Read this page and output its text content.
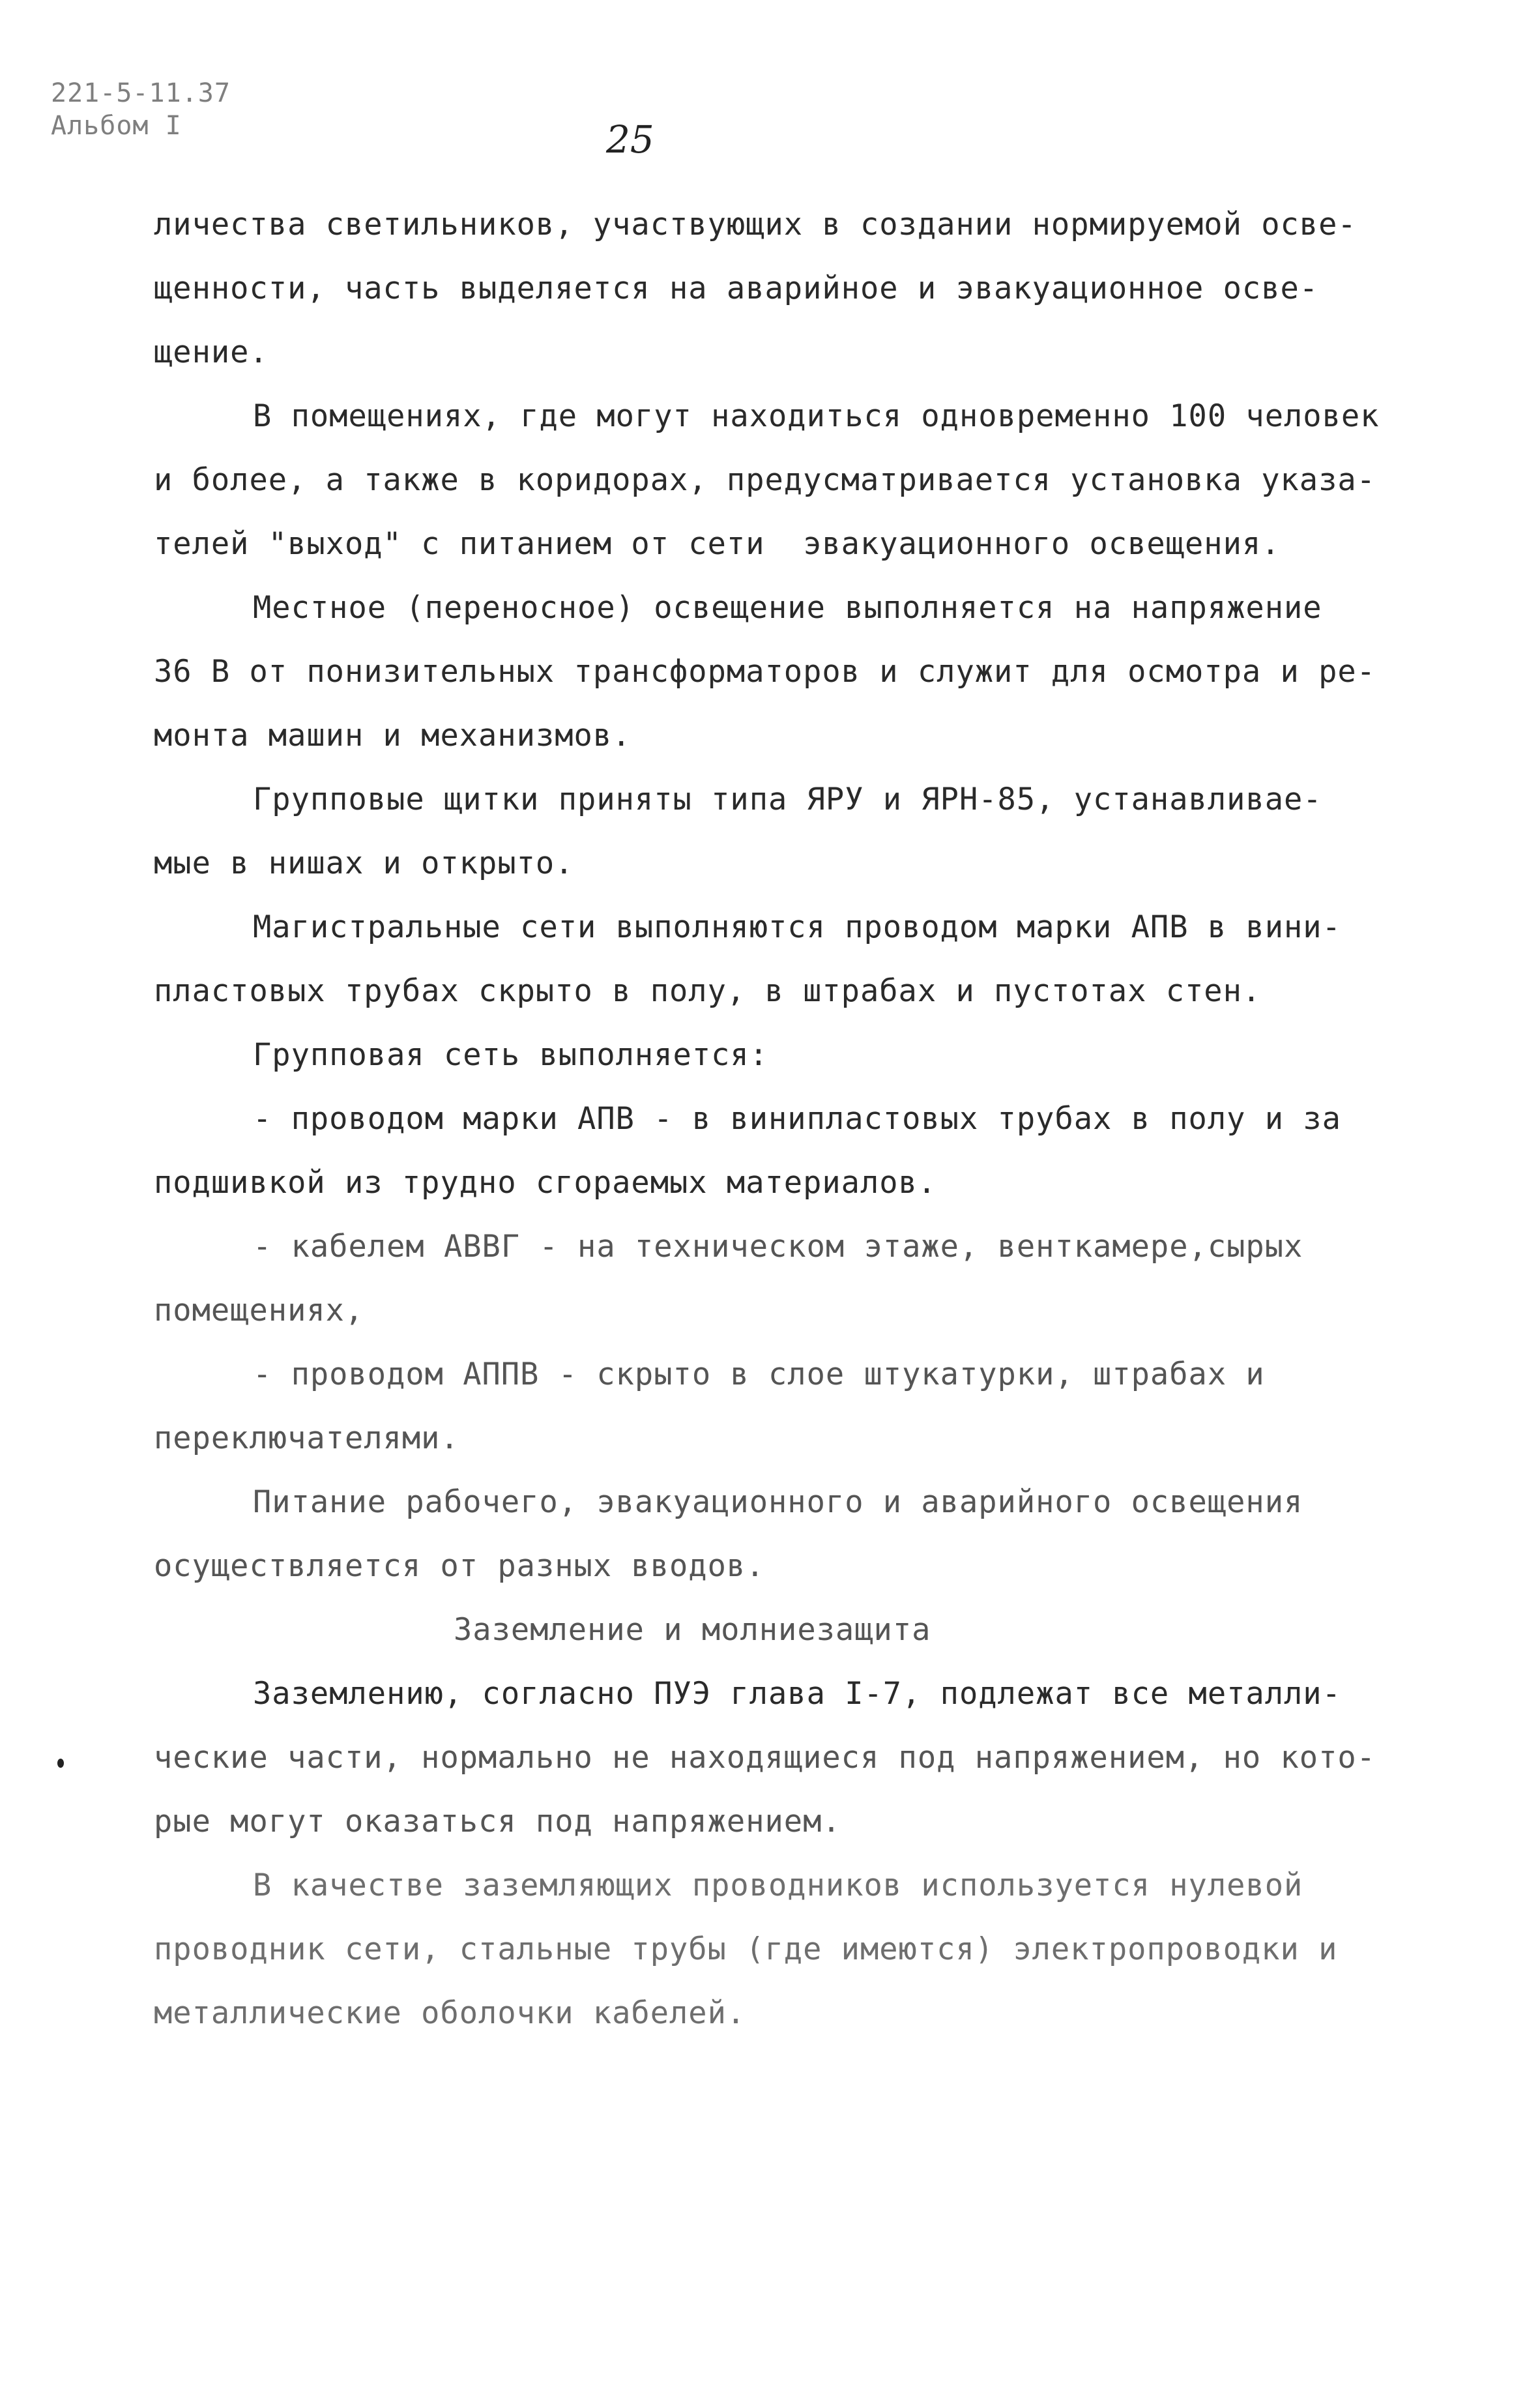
221-5-11.37
Альбом I	25
личества светильников, участвующих в создании нормируемой осве-
щенности, часть выделяется на аварийное и эвакуационное осве-
щение.
В помещениях, где могут находиться одновременно 100 человек
и более, а также в коридорах, предусматривается установка указа-
телей "выход" с питанием от сети  эвакуационного освещения.
Местное (переносное) освещение выполняется на напряжение
36 В от понизительных трансформаторов и служит для осмотра и ре-
монта машин и механизмов.
Групповые щитки приняты типа ЯРУ и ЯРН-85, устанавливае-
мые в нишах и открыто.
Магистральные сети выполняются проводом марки АПВ в вини-
пластовых трубах скрыто в полу, в штрабах и пустотах стен.
Групповая сеть выполняется:
- проводом марки АПВ - в винипластовых трубах в полу и за
подшивкой из трудно сгораемых материалов.
- кабелем АВВГ - на техническом этаже, венткамере,сырых
помещениях,
- проводом АППВ - скрыто в слое штукатурки, штрабах и
переключателями.
Питание рабочего, эвакуационного и аварийного освещения
осуществляется от разных вводов.
Заземление и молниезащита
Заземлению, согласно ПУЭ глава I-7, подлежат все металли-
ческие части, нормально не находящиеся под напряжением, но кото-
рые могут оказаться под напряжением.
В качестве заземляющих проводников используется нулевой
проводник сети, стальные трубы (где имеются) электропроводки и
металлические оболочки кабелей.
